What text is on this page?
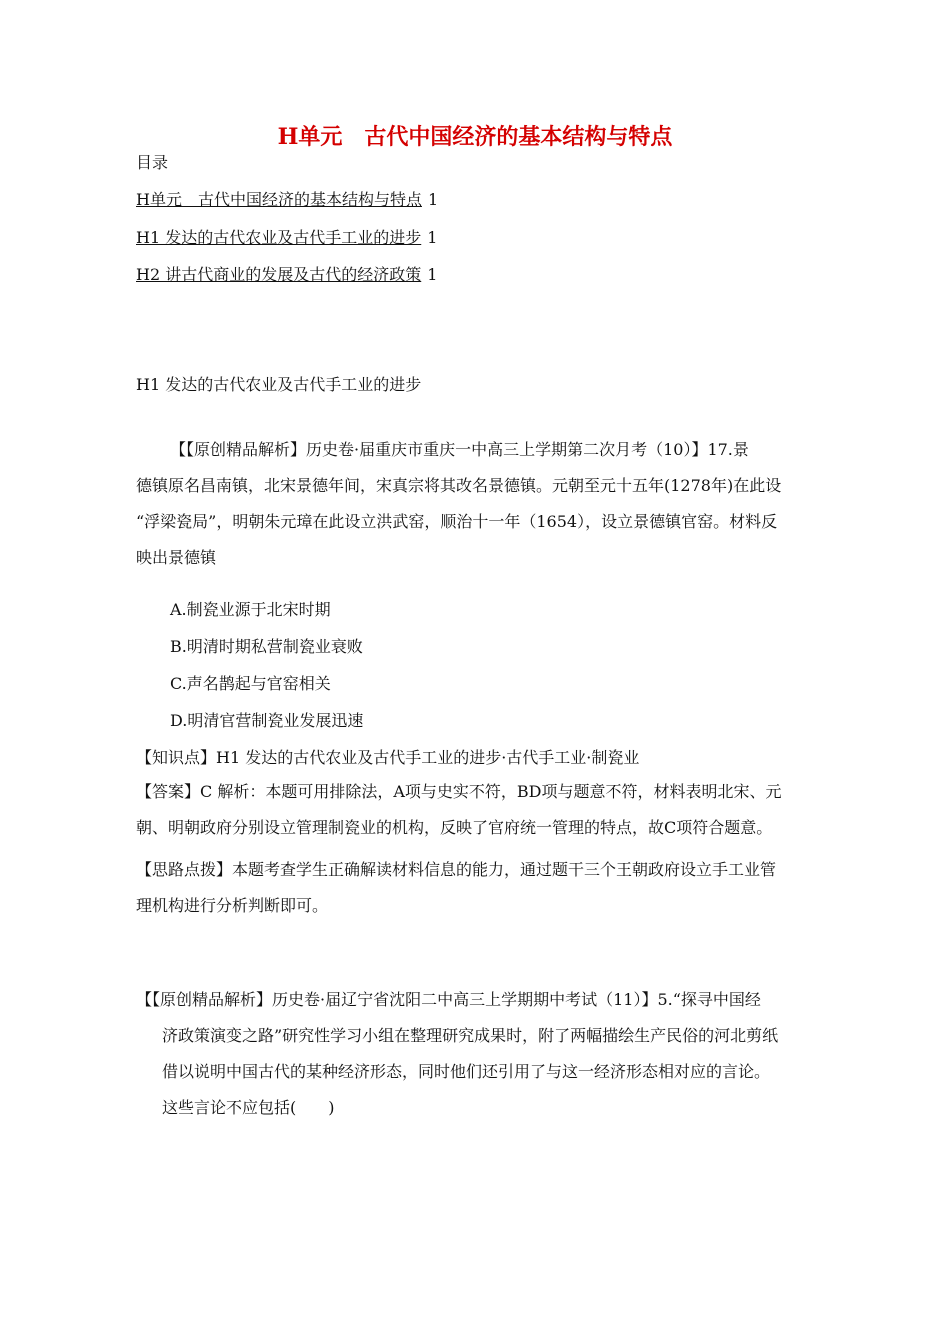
H单元　古代中国经济的基本结构与特点
目录
H单元　古代中国经济的基本结构与特点 1
H1 发达的古代农业及古代手工业的进步 1
H2 讲古代商业的发展及古代的经济政策 1
H1 发达的古代农业及古代手工业的进步
【【原创精品解析】历史卷·届重庆市重庆一中高三上学期第二次月考（10）】17.景
德镇原名昌南镇，北宋景德年间，宋真宗将其改名景德镇。元朝至元十五年(1278年)在此设
“浮梁瓷局”，明朝朱元璋在此设立洪武窑，顺治十一年（1654），设立景德镇官窑。材料反
映出景德镇
A.制瓷业源于北宋时期
B.明清时期私营制瓷业衰败
C.声名鹊起与官窑相关
D.明清官营制瓷业发展迅速
【知识点】H1 发达的古代农业及古代手工业的进步·古代手工业·制瓷业
【答案】C 解析：本题可用排除法，A项与史实不符，BD项与题意不符，材料表明北宋、元
朝、明朝政府分别设立管理制瓷业的机构，反映了官府统一管理的特点，故C项符合题意。
【思路点拨】本题考查学生正确解读材料信息的能力，通过题干三个王朝政府设立手工业管
理机构进行分析判断即可。
【【原创精品解析】历史卷·届辽宁省沈阳二中高三上学期期中考试（11）】5.“探寻中国经
济政策演变之路”研究性学习小组在整理研究成果时，附了两幅描绘生产民俗的河北剪纸
借以说明中国古代的某种经济形态，同时他们还引用了与这一经济形态相对应的言论。
这些言论不应包括(　　)
